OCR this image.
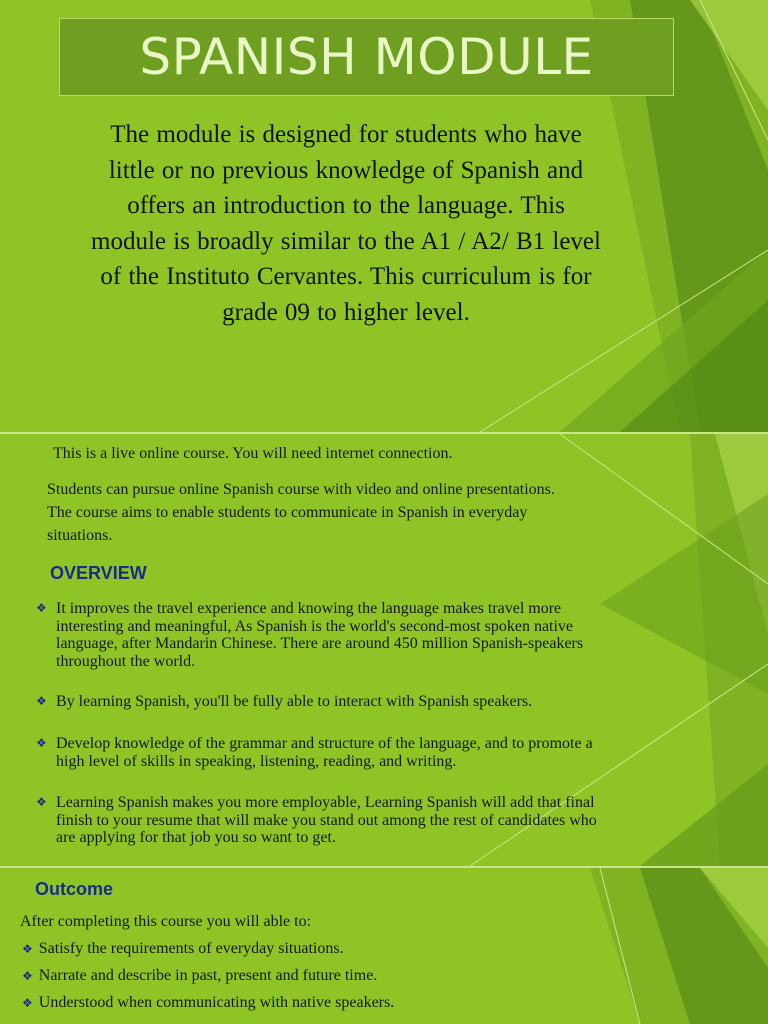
SPANISH MODULE
The module is designed for students who have
little or no previous knowledge of Spanish and
offers an introduction to the language. This
module is broadly similar to the A1 / A2/ B1 level
of the Instituto Cervantes. This curriculum is for
grade 09 to higher level.
This is a live online course. You will need internet connection.
Students can pursue online Spanish course with video and online presentations.
The course aims to enable students to communicate in Spanish in everyday
situations.
OVERVIEW
❖ It improves the travel experience and knowing the language makes travel more
interesting and meaningful, As Spanish is the world's second-most spoken native
language, after Mandarin Chinese. There are around 450 million Spanish-speakers
throughout the world.
❖ By learning Spanish, you'll be fully able to interact with Spanish speakers.
❖ Develop knowledge of the grammar and structure of the language, and to promote a
high level of skills in speaking, listening, reading, and writing.
❖ Learning Spanish makes you more employable, Learning Spanish will add that final
finish to your resume that will make you stand out among the rest of candidates who
are applying for that job you so want to get.
Outcome
After completing this course you will able to:
❖ Satisfy the requirements of everyday situations.
❖ Narrate and describe in past, present and future time.
❖ Understood when communicating with native speakers.
